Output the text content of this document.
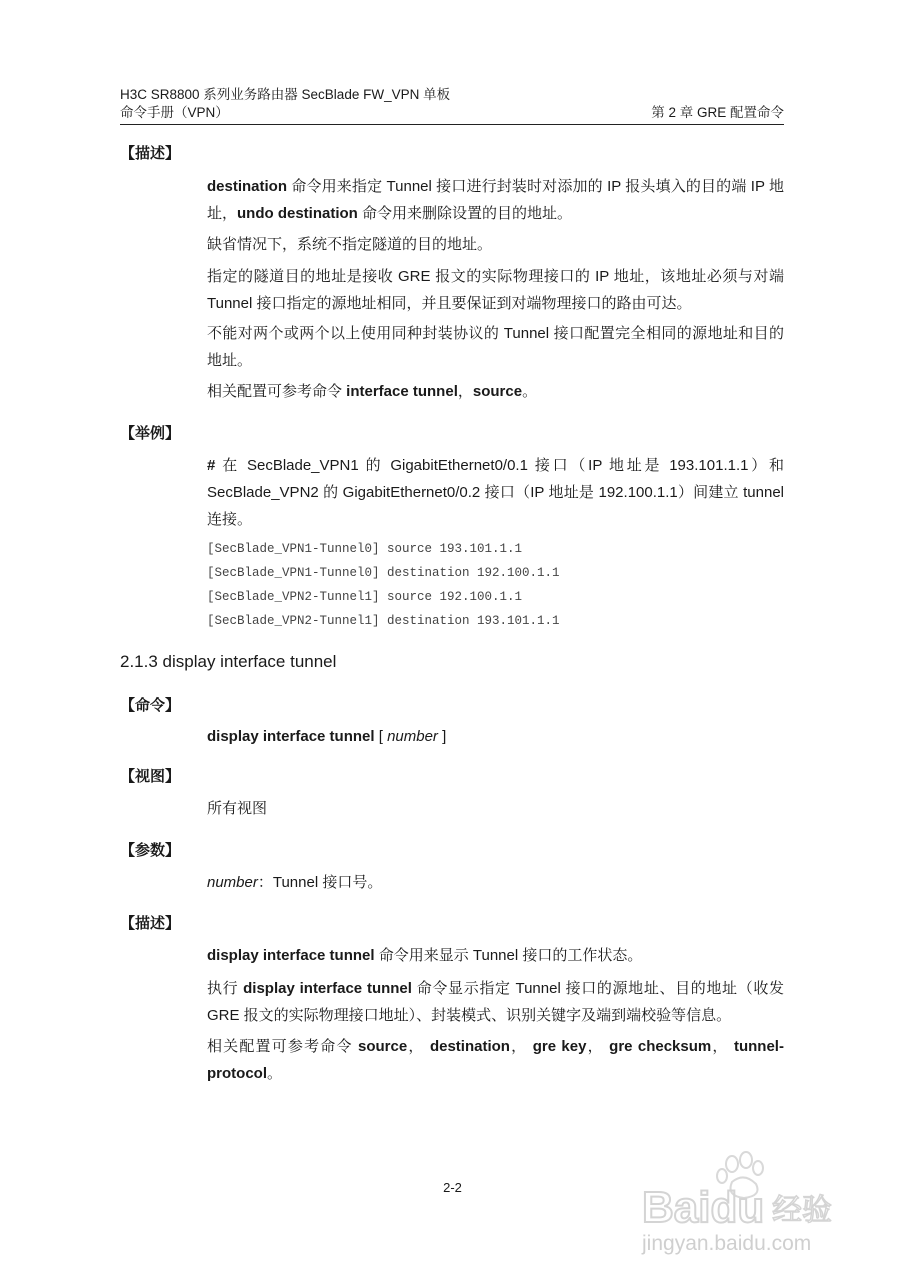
H3C SR8800 系列业务路由器 SecBlade FW_VPN 单板
命令手册（VPN）	第 2 章 GRE 配置命令
【描述】
destination 命令用来指定 Tunnel 接口进行封装时对添加的 IP 报头填入的目的端 IP 地址，undo destination 命令用来删除设置的目的地址。
缺省情况下，系统不指定隧道的目的地址。
指定的隧道目的地址是接收 GRE 报文的实际物理接口的 IP 地址，该地址必须与对端 Tunnel 接口指定的源地址相同，并且要保证到对端物理接口的路由可达。
不能对两个或两个以上使用同种封装协议的 Tunnel 接口配置完全相同的源地址和目的地址。
相关配置可参考命令 interface tunnel，source。
【举例】
# 在 SecBlade_VPN1 的 GigabitEthernet0/0.1 接口（IP 地址是 193.101.1.1）和 SecBlade_VPN2 的 GigabitEthernet0/0.2 接口（IP 地址是 192.100.1.1）间建立 tunnel 连接。
[SecBlade_VPN1-Tunnel0] source 193.101.1.1
[SecBlade_VPN1-Tunnel0] destination 192.100.1.1
[SecBlade_VPN2-Tunnel1] source 192.100.1.1
[SecBlade_VPN2-Tunnel1] destination 193.101.1.1
2.1.3 display interface tunnel
【命令】
display interface tunnel [ number ]
【视图】
所有视图
【参数】
number：Tunnel 接口号。
【描述】
display interface tunnel 命令用来显示 Tunnel 接口的工作状态。
执行 display interface tunnel 命令显示指定 Tunnel 接口的源地址、目的地址（收发 GRE 报文的实际物理接口地址）、封装模式、识别关键字及端到端校验等信息。
相关配置可参考命令 source， destination， gre key， gre checksum， tunnel-protocol。
2-2	Baidu 经验
jingyan.baidu.com
